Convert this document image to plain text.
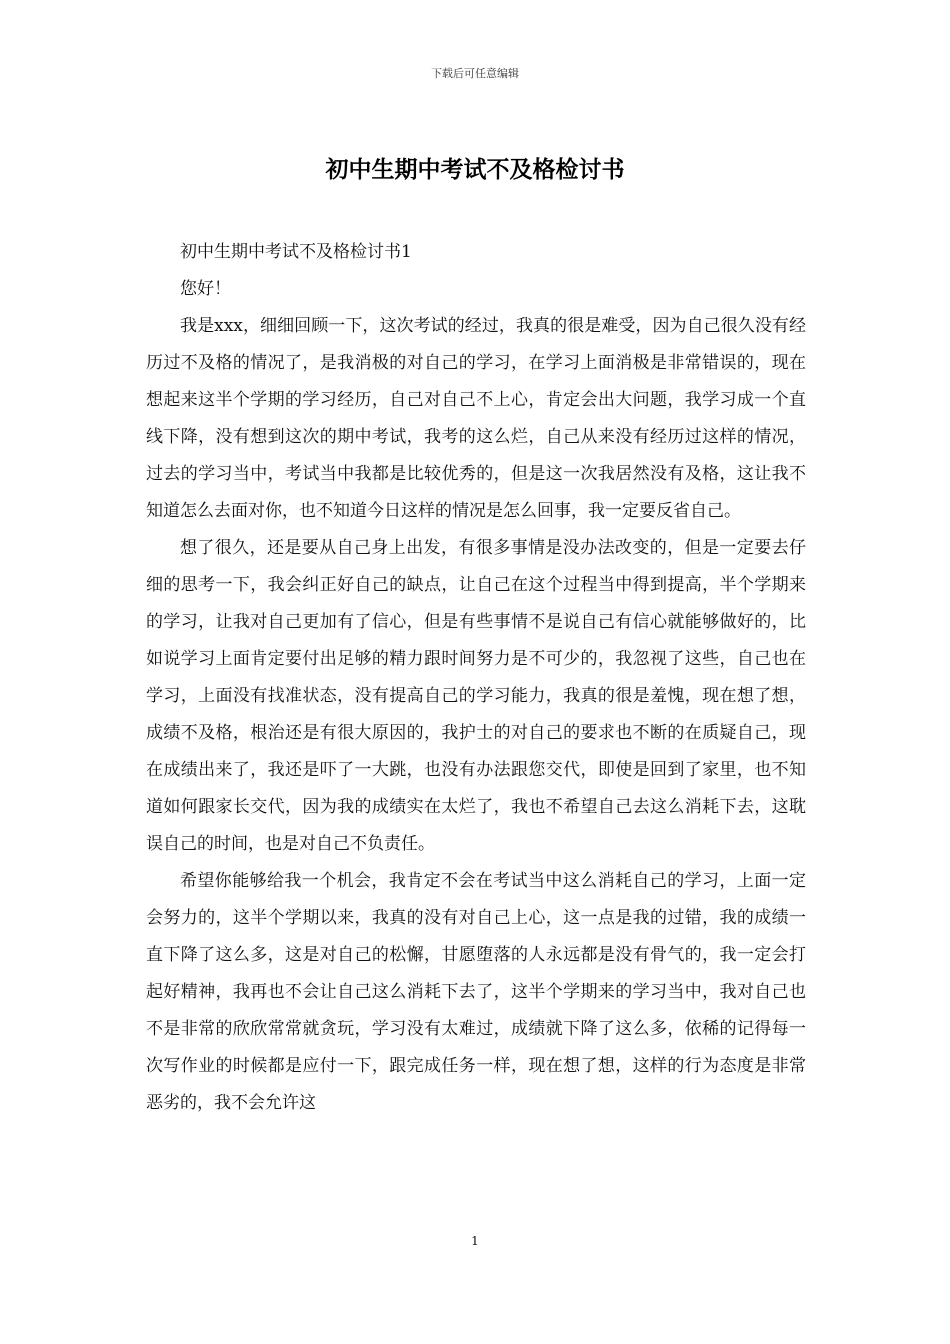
下载后可任意编辑
初中生期中考试不及格检讨书

初中生期中考试不及格检讨书1

您好！

我是xxx，细细回顾一下，这次考试的经过，我真的很是难受，因为自己很久没有经历过不及格的情况了，是我消极的对自己的学习，在学习上面消极是非常错误的，现在想起来这半个学期的学习经历，自己对自己不上心，肯定会出大问题，我学习成一个直线下降，没有想到这次的期中考试，我考的这么烂，自己从来没有经历过这样的情况，过去的学习当中，考试当中我都是比较优秀的，但是这一次我居然没有及格，这让我不知道怎么去面对你，也不知道今日这样的情况是怎么回事，我一定要反省自己。

想了很久，还是要从自己身上出发，有很多事情是没办法改变的，但是一定要去仔细的思考一下，我会纠正好自己的缺点，让自己在这个过程当中得到提高，半个学期来的学习，让我对自己更加有了信心，但是有些事情不是说自己有信心就能够做好的，比如说学习上面肯定要付出足够的精力跟时间努力是不可少的，我忽视了这些，自己也在学习，上面没有找准状态，没有提高自己的学习能力，我真的很是羞愧，现在想了想，成绩不及格，根治还是有很大原因的，我护士的对自己的要求也不断的在质疑自己，现在成绩出来了，我还是吓了一大跳，也没有办法跟您交代，即使是回到了家里，也不知道如何跟家长交代，因为我的成绩实在太烂了，我也不希望自己去这么消耗下去，这耽误自己的时间，也是对自己不负责任。

希望你能够给我一个机会，我肯定不会在考试当中这么消耗自己的学习，上面一定会努力的，这半个学期以来，我真的没有对自己上心，这一点是我的过错，我的成绩一直下降了这么多，这是对自己的松懈，甘愿堕落的人永远都是没有骨气的，我一定会打起好精神，我再也不会让自己这么消耗下去了，这半个学期来的学习当中，我对自己也不是非常的欣欣常常就贪玩，学习没有太难过，成绩就下降了这么多，依稀的记得每一次写作业的时候都是应付一下，跟完成任务一样，现在想了想，这样的行为态度是非常恶劣的，我不会允许这

1
